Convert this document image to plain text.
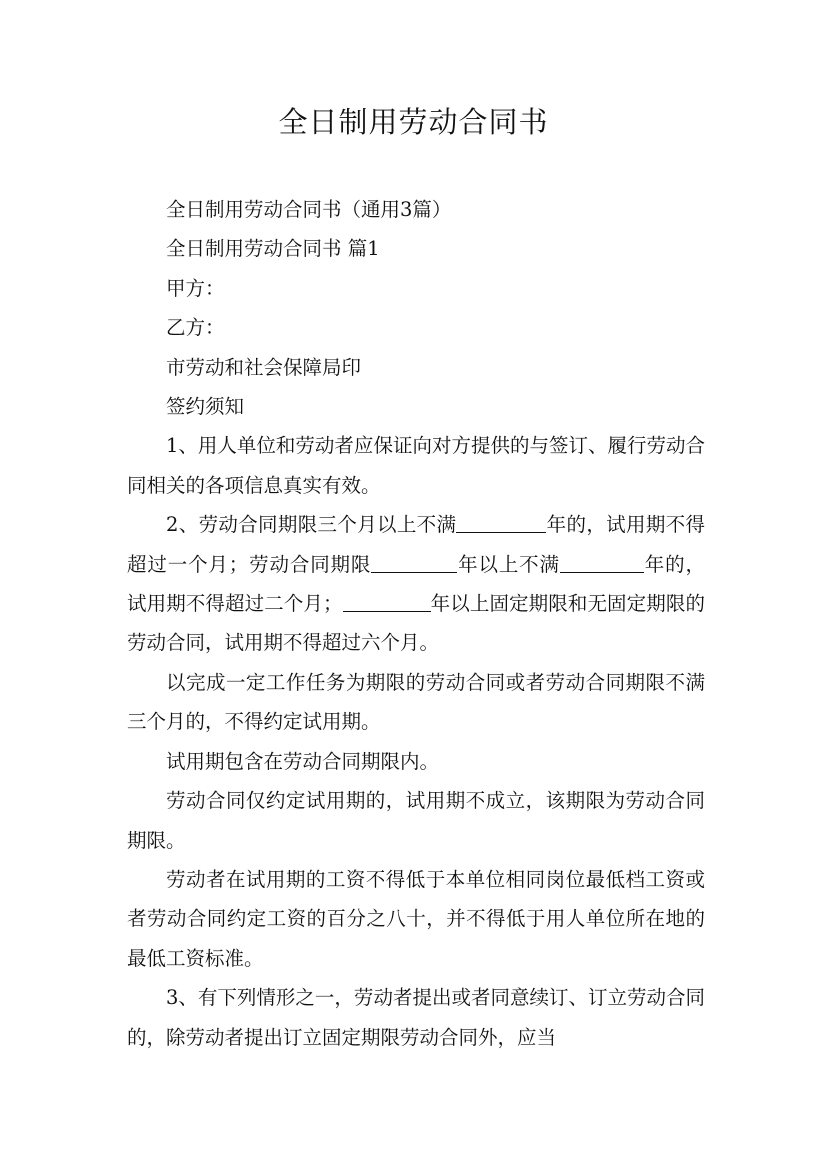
全日制用劳动合同书

全日制用劳动合同书（通用3篇）

全日制用劳动合同书 篇1

甲方：

乙方：

市劳动和社会保障局印

签约须知

1、用人单位和劳动者应保证向对方提供的与签订、履行劳动合同相关的各项信息真实有效。

2、劳动合同期限三个月以上不满	年的，试用期不得超过一个月；劳动合同期限	年以上不满	年的，试用期不得超过二个月；	年以上固定期限和无固定期限的劳动合同，试用期不得超过六个月。

以完成一定工作任务为期限的劳动合同或者劳动合同期限不满三个月的，不得约定试用期。

试用期包含在劳动合同期限内。

劳动合同仅约定试用期的，试用期不成立，该期限为劳动合同期限。

劳动者在试用期的工资不得低于本单位相同岗位最低档工资或者劳动合同约定工资的百分之八十，并不得低于用人单位所在地的最低工资标准。

3、有下列情形之一，劳动者提出或者同意续订、订立劳动合同的，除劳动者提出订立固定期限劳动合同外，应当
